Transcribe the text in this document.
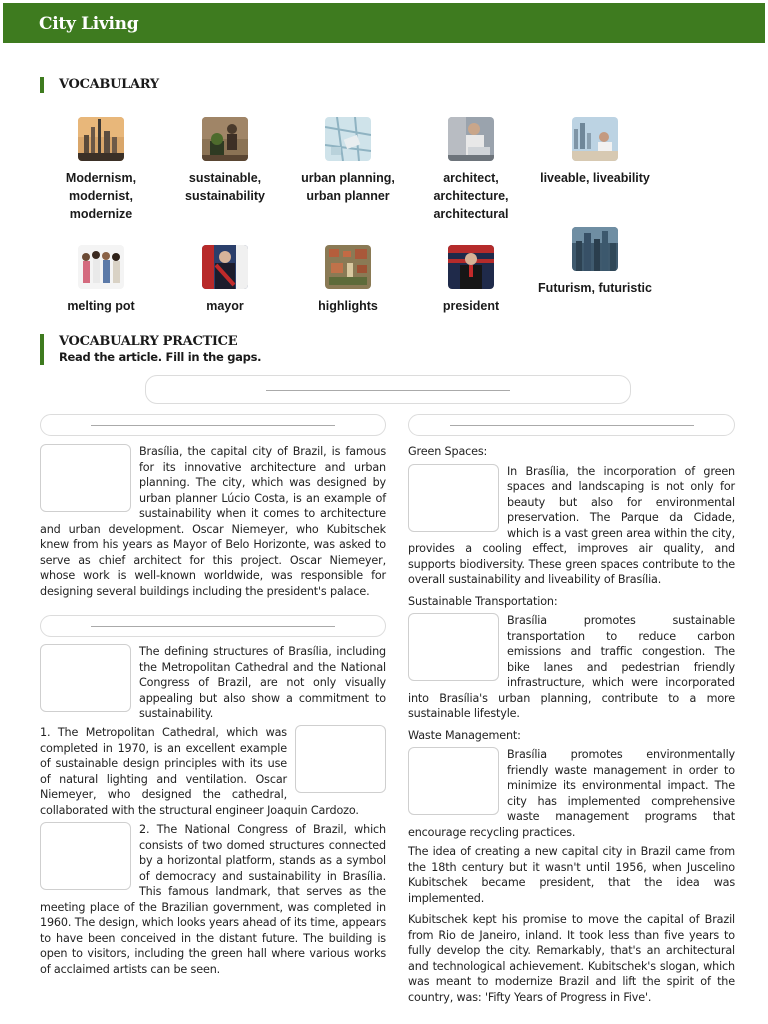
City Living
VOCABULARY
Modernism, modernist, modernize
sustainable, sustainability
urban planning, urban planner
architect, architecture, architectural
liveable, liveability
melting pot	mayor	highlights	president
Futurism, futuristic
VOCABUALRY PRACTICE
Read the article. Fill in the gaps.

Brasília, the capital city of Brazil, is famous for its innovative architecture and urban planning. The city, which was designed by urban planner Lúcio Costa, is an example of sustainability when it comes to architecture and urban development. Oscar Niemeyer, who Kubitschek knew from his years as Mayor of Belo Horizonte, was asked to serve as chief architect for this project. Oscar Niemeyer, whose work is well-known worldwide, was responsible for designing several buildings including the president's palace.

The defining structures of Brasília, including the Metropolitan Cathedral and the National Congress of Brazil, are not only visually appealing but also show a commitment to sustainability.

1. The Metropolitan Cathedral, which was completed in 1970, is an excellent example of sustainable design principles with its use of natural lighting and ventilation. Oscar Niemeyer, who designed the cathedral, collaborated with the structural engineer Joaquin Cardozo.

2. The National Congress of Brazil, which consists of two domed structures connected by a horizontal platform, stands as a symbol of democracy and sustainability in Brasília. This famous landmark, that serves as the meeting place of the Brazilian government, was completed in 1960. The design, which looks years ahead of its time, appears to have been conceived in the distant future. The building is open to visitors, including the green hall where various works of acclaimed artists can be seen.

Green Spaces:

In Brasília, the incorporation of green spaces and landscaping is not only for beauty but also for environmental preservation. The Parque da Cidade, which is a vast green area within the city, provides a cooling effect, improves air quality, and supports biodiversity. These green spaces contribute to the overall sustainability and liveability of Brasília.

Sustainable Transportation:

Brasília promotes sustainable transportation to reduce carbon emissions and traffic congestion. The bike lanes and pedestrian friendly infrastructure, which were incorporated into Brasília's urban planning, contribute to a more sustainable lifestyle.

Waste Management:

Brasília promotes environmentally friendly waste management in order to minimize its environmental impact. The city has implemented comprehensive waste management programs that encourage recycling practices.

The idea of creating a new capital city in Brazil came from the 18th century but it wasn't until 1956, when Juscelino Kubitschek became president, that the idea was implemented.

Kubitschek kept his promise to move the capital of Brazil from Rio de Janeiro, inland. It took less than five years to fully develop the city. Remarkably, that's an architectural and technological achievement. Kubitschek's slogan, which was meant to modernize Brazil and lift the spirit of the country, was: 'Fifty Years of Progress in Five'.
